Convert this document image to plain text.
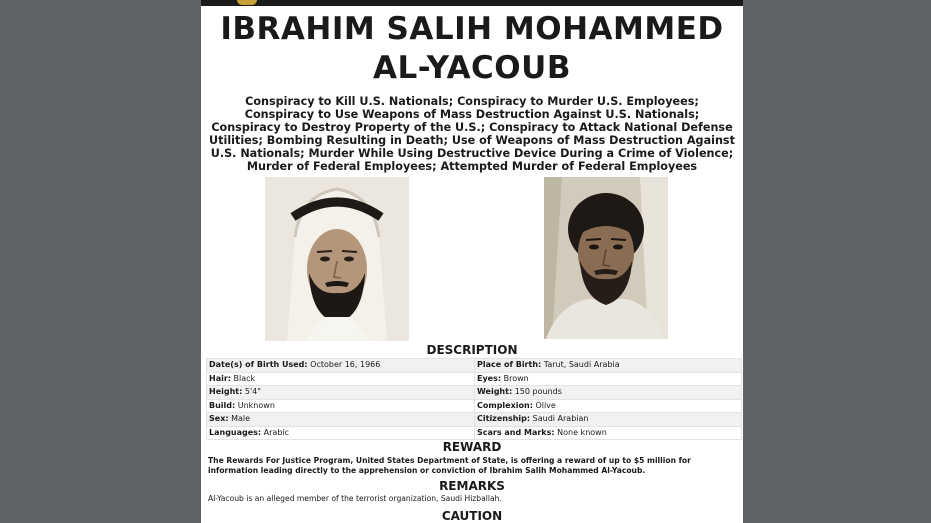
IBRAHIM SALIH MOHAMMED
AL-YACOUB
Conspiracy to Kill U.S. Nationals; Conspiracy to Murder U.S. Employees; Conspiracy to Use Weapons of Mass Destruction Against U.S. Nationals; Conspiracy to Destroy Property of the U.S.; Conspiracy to Attack National Defense Utilities; Bombing Resulting in Death; Use of Weapons of Mass Destruction Against U.S. Nationals; Murder While Using Destructive Device During a Crime of Violence; Murder of Federal Employees; Attempted Murder of Federal Employees
DESCRIPTION
Date(s) of Birth Used: October 16, 1966	Place of Birth: Tarut, Saudi Arabia
Hair: Black	Eyes: Brown
Height: 5'4"	Weight: 150 pounds
Build: Unknown	Complexion: Olive
Sex: Male	Citizenship: Saudi Arabian
Languages: Arabic	Scars and Marks: None known
REWARD
The Rewards For Justice Program, United States Department of State, is offering a reward of up to $5 million for information leading directly to the apprehension or conviction of Ibrahim Salih Mohammed Al-Yacoub.
REMARKS
Al-Yacoub is an alleged member of the terrorist organization, Saudi Hizballah.
CAUTION
